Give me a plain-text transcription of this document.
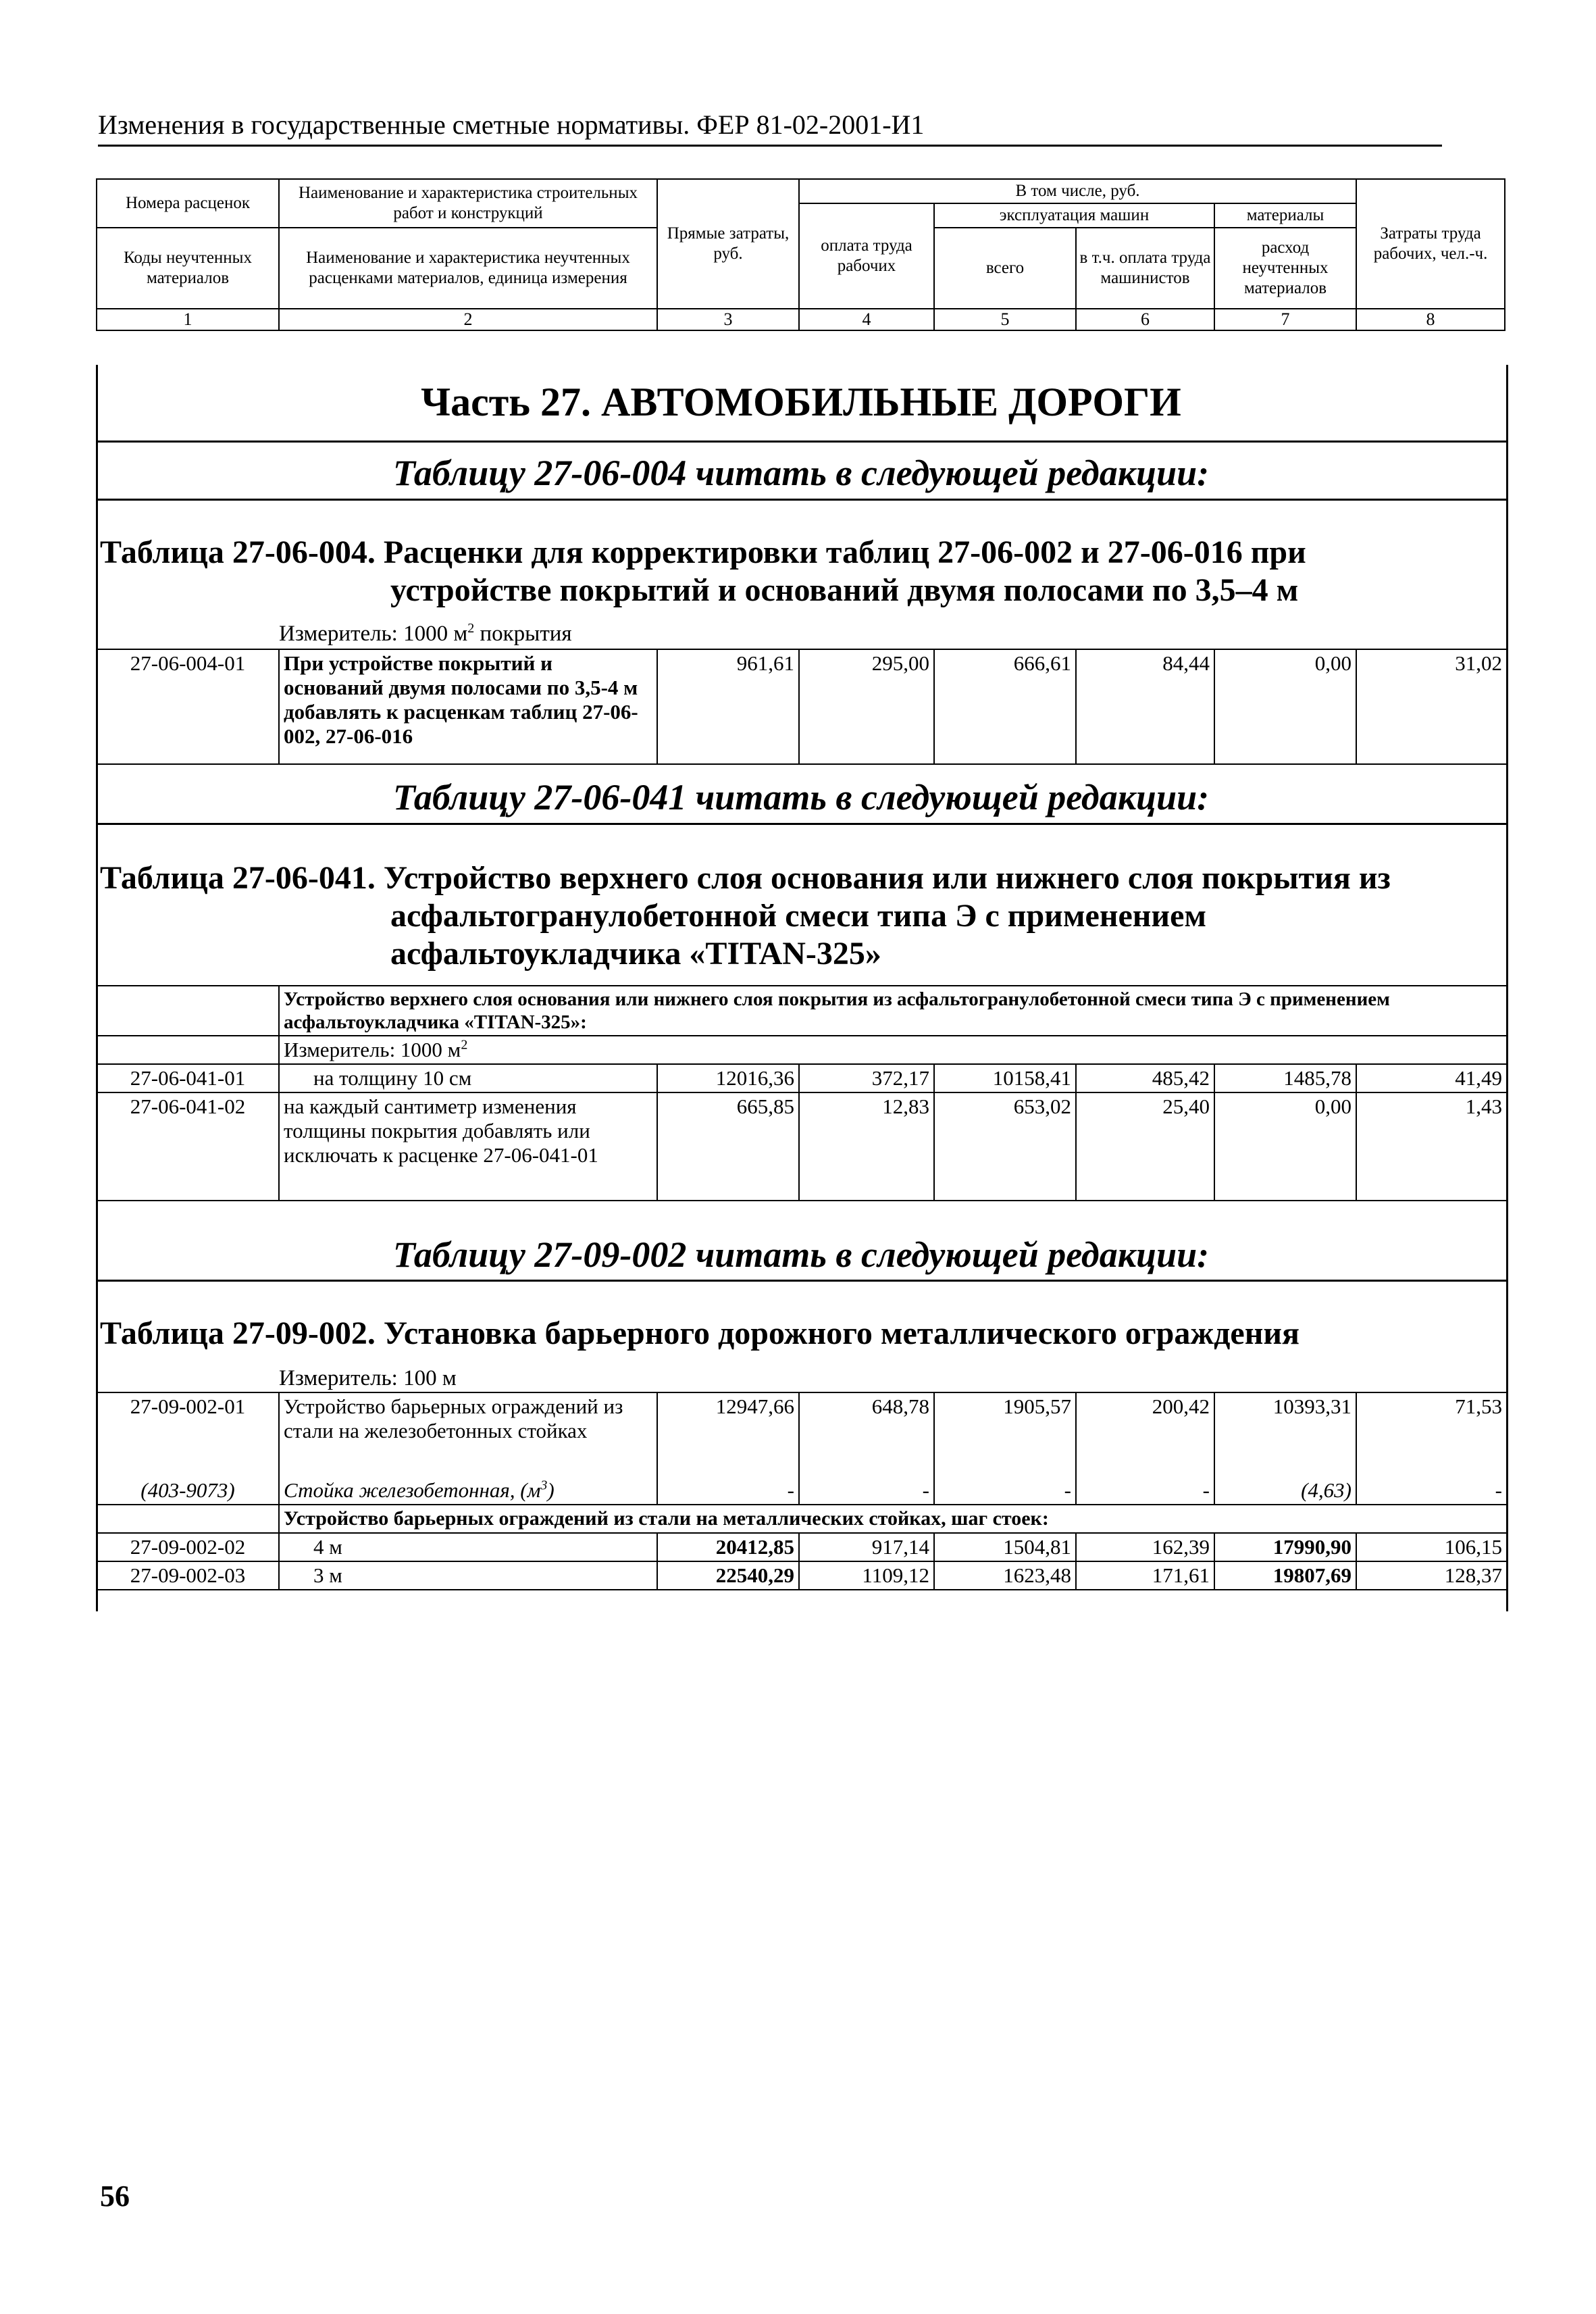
Изменения в государственные сметные нормативы. ФЕР 81-02-2001-И1
Номера расценок	Наименование и характеристика строительных работ и конструкций	Прямые затраты, руб.	В том числе, руб.				Затраты труда рабочих, чел.-ч.
			оплата труда рабочих	эксплуатация машин		материалы	
Коды неучтенных материалов	Наименование и характеристика неучтенных расценками материалов, единица измерения			всего	в т.ч. оплата труда машинистов	расход неучтенных материалов	

1	2	3	4	5	6	7	8
Часть 27. АВТОМОБИЛЬНЫЕ ДОРОГИ
Таблицу 27-06-004 читать в следующей редакции:
Таблица 27-06-004. Расценки для корректировки таблиц 27-06-002 и 27-06-016 при
устройстве покрытий и оснований двумя полосами по 3,5–4 м
Измеритель: 1000 $м^2$ покрытия
27-06-004-01	При устройстве покрытий и оснований двумя полосами по 3,5-4 м добавлять к расценкам таблиц 27-06-002, 27-06-016	961,61	295,00	666,61	84,44	0,00	31,02
Таблицу 27-06-041 читать в следующей редакции:
Таблица 27-06-041. Устройство верхнего слоя основания или нижнего слоя покрытия из
асфальтогранулобетонной смеси типа Э с применением
асфальтоукладчика «TITAN-325»
	Устройство верхнего слоя основания или нижнего слоя покрытия из асфальтогранулобетонной смеси типа Э с применением асфальтоукладчика «TITAN-325»:						
	Измеритель: 1000 $м^2$
27-06-041-01	на толщину 10 см	12016,36	372,17	10158,41	485,42	1485,78	41,49
27-06-041-02	на каждый сантиметр изменения толщины покрытия добавлять или исключать к расценке 27-06-041-01	665,85	12,83	653,02	25,40	0,00	1,43
Таблицу 27-09-002 читать в следующей редакции:
Таблица 27-09-002. Установка барьерного дорожного металлического ограждения
Измеритель: 100 м
27-09-002-01	Устройство барьерных ограждений из стали на железобетонных стойках	12947,66	648,78	1905,57	200,42	10393,31	71,53
(403-9073)	Стойка железобетонная, $(м^3)$	-	-	-	-	(4,63)	-
	Устройство барьерных ограждений из стали на металлических стойках, шаг стоек:						
27-09-002-02	4 м	20412,85	917,14	1504,81	162,39	17990,90	106,15
27-09-002-03	3 м	22540,29	1109,12	1623,48	171,61	19807,69	128,37
56
